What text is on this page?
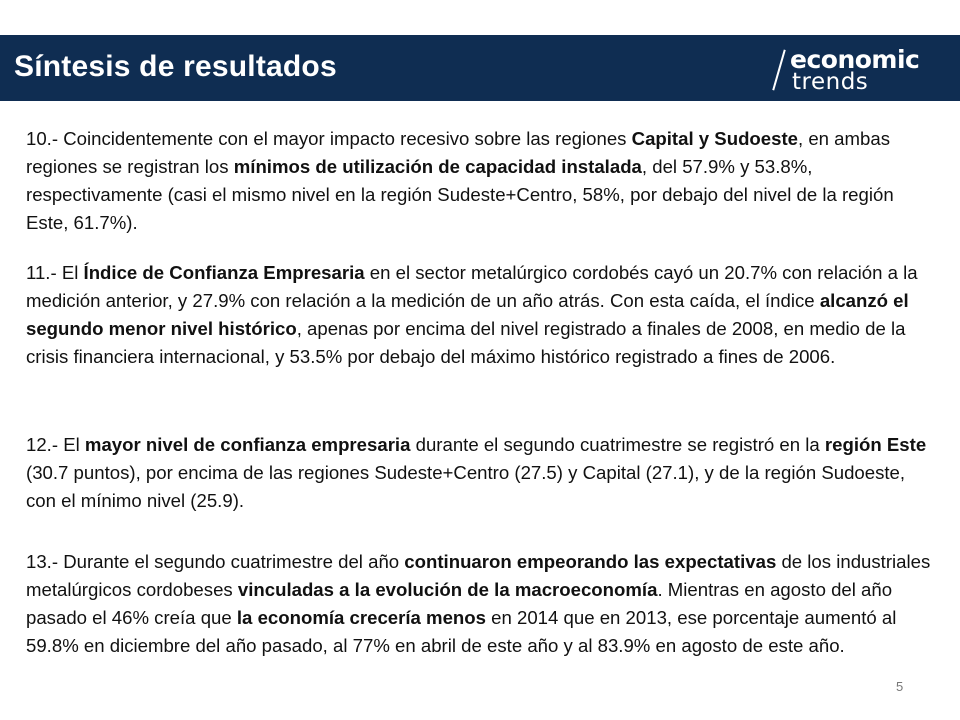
Síntesis de resultados	economic
trends

10.- Coincidentemente con el mayor impacto recesivo sobre las regiones Capital y Sudoeste, en ambas regiones se registran los mínimos de utilización de capacidad instalada, del 57.9% y 53.8%, respectivamente (casi el mismo nivel en la región Sudeste+Centro, 58%, por debajo del nivel de la región Este, 61.7%).

11.- El Índice de Confianza Empresaria en el sector metalúrgico cordobés cayó un 20.7% con relación a la medición anterior, y 27.9% con relación a la medición de un año atrás. Con esta caída, el índice alcanzó el segundo menor nivel histórico, apenas por encima del nivel registrado a finales de 2008, en medio de la crisis financiera internacional, y 53.5% por debajo del máximo histórico registrado a fines de 2006.

12.- El mayor nivel de confianza empresaria durante el segundo cuatrimestre se registró en la región Este (30.7 puntos), por encima de las regiones Sudeste+Centro (27.5) y Capital (27.1), y de la región Sudoeste, con el mínimo nivel (25.9).

13.- Durante el segundo cuatrimestre del año continuaron empeorando las expectativas de los industriales metalúrgicos cordobeses vinculadas a la evolución de la macroeconomía. Mientras en agosto del año pasado el 46% creía que la economía crecería menos en 2014 que en 2013, ese porcentaje aumentó al 59.8% en diciembre del año pasado, al 77% en abril de este año y al 83.9% en agosto de este año.

5
